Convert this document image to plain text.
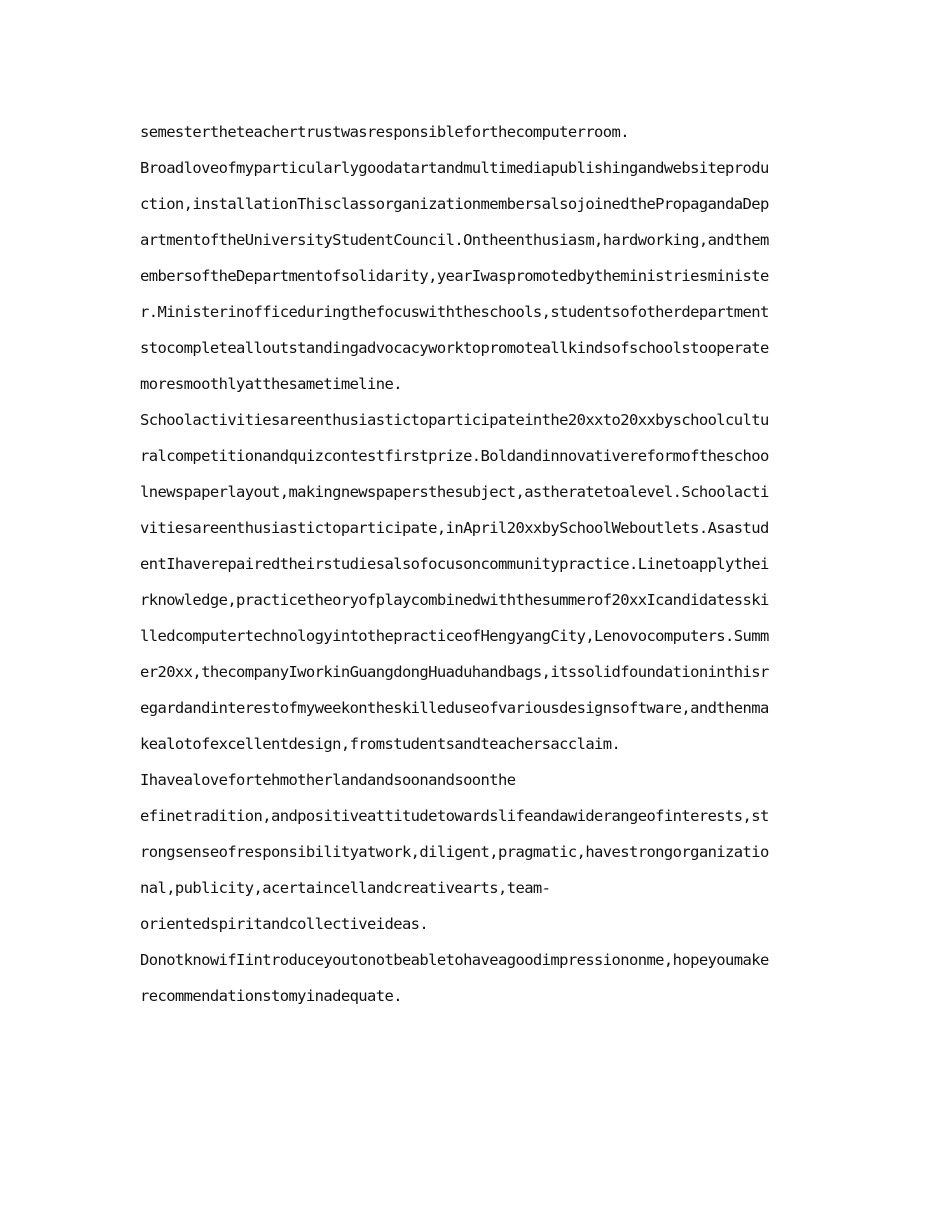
semestertheteachertrustwasresponsibleforthecomputerroom.
Broadloveofmyparticularlygoodatartandmultimediapublishingandwebsiteprodu
ction,installationThisclassorganizationmembersalsojoinedthePropagandaDep
artmentoftheUniversityStudentCouncil.Ontheenthusiasm,hardworking,andthem
embersoftheDepartmentofsolidarity,yearIwaspromotedbytheministriesministe
r.Ministerinofficeduringthefocuswiththeschools,studentsofotherdepartment
stocompletealloutstandingadvocacyworktopromoteallkindsofschoolstooperate
moresmoothlyatthesametimeline.
Schoolactivitiesareenthusiastictoparticipateinthe20xxto20xxbyschoolcultu
ralcompetitionandquizcontestfirstprize.Boldandinnovativereformoftheschoo
lnewspaperlayout,makingnewspapersthesubject,astheratetoalevel.Schoolacti
vitiesareenthusiastictoparticipate,inApril20xxbySchoolWeboutlets.Asastud
entIhaverepairedtheirstudiesalsofocusoncommunitypractice.Linetoapplythei
rknowledge,practicetheoryofplaycombinedwiththesummerof20xxIcandidatesski
lledcomputertechnologyintothepracticeofHengyangCity,Lenovocomputers.Summ
er20xx,thecompanyIworkinGuangdongHuaduhandbags,itssolidfoundationinthisr
egardandinterestofmyweekontheskilleduseofvariousdesignsoftware,andthenma
kealotofexcellentdesign,fromstudentsandteachersacclaim.
Ihavealovefortehmotherlandandsoonandsoonthe
efinetradition,andpositiveattitudetowardslifeandawiderangeofinterests,st
rongsenseofresponsibilityatwork,diligent,pragmatic,havestrongorganizatio
nal,publicity,acertaincellandcreativearts,team-
orientedspiritandcollectiveideas.
DonotknowifIintroduceyoutonotbeabletohaveagoodimpressiononme,hopeyoumake
recommendationstomyinadequate.
